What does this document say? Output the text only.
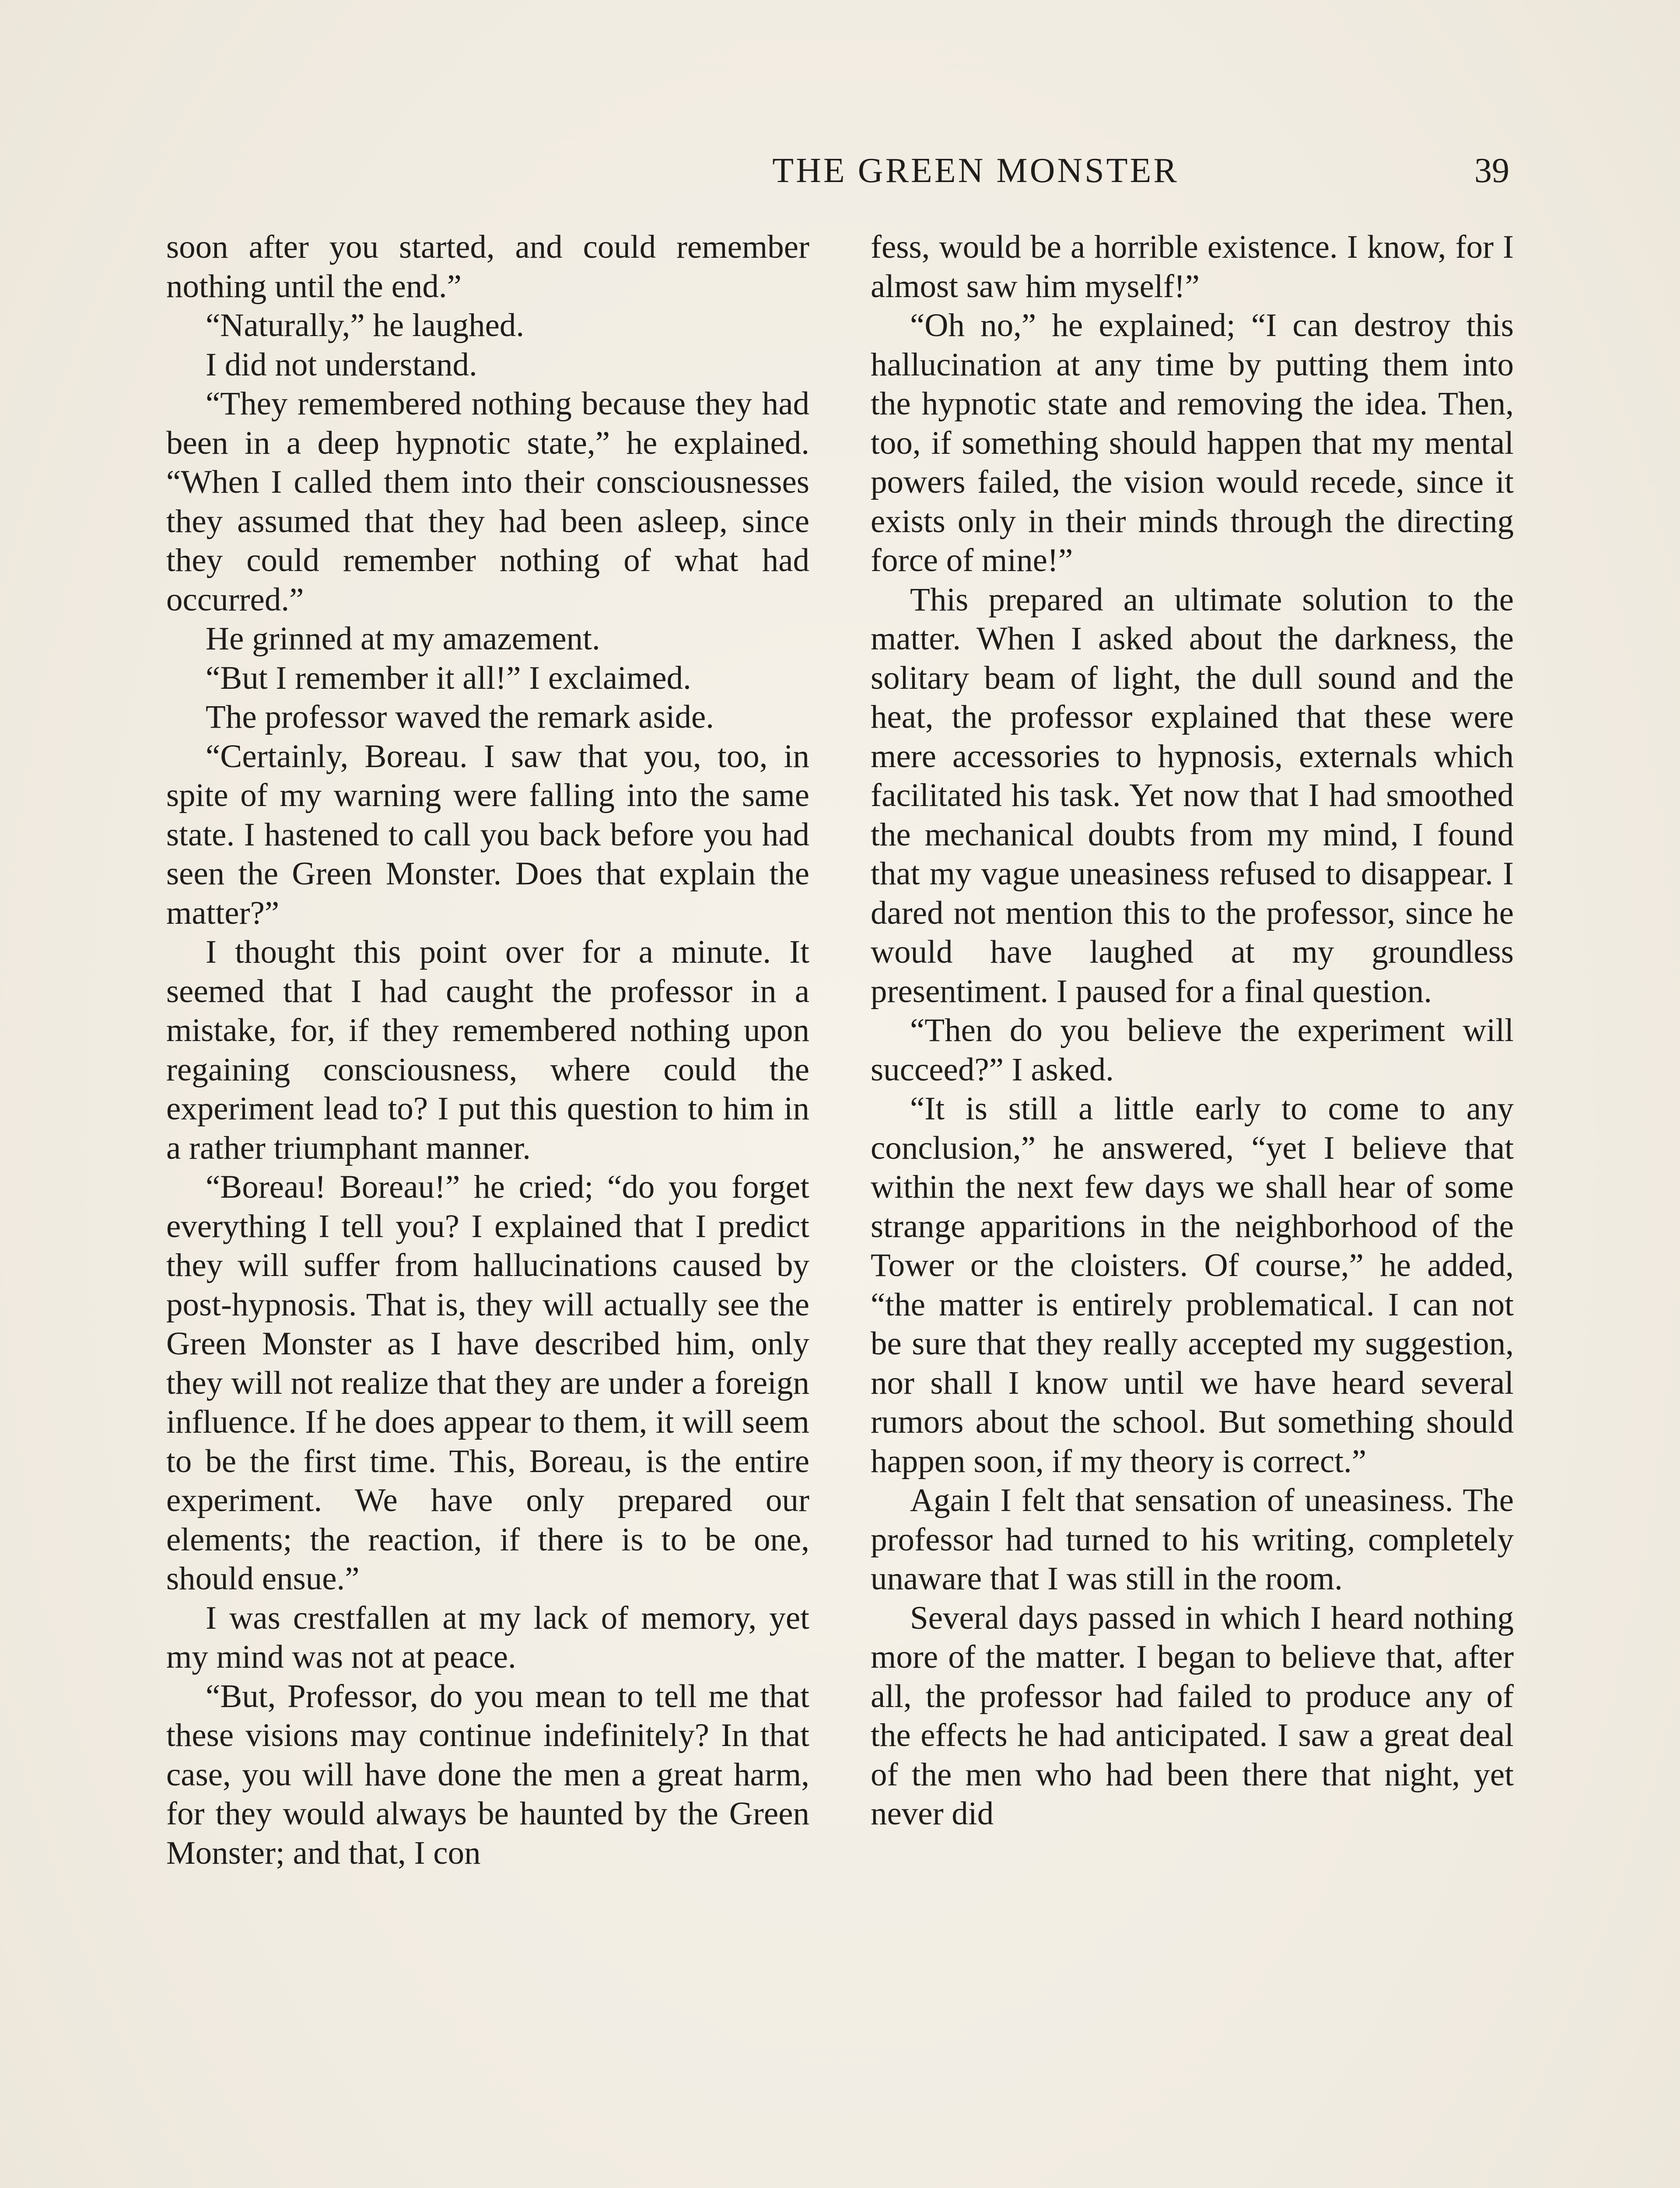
THE GREEN MONSTER	39

soon after you started, and could remember nothing until the end.”

“Naturally,” he laughed.

I did not understand.

“They remembered nothing because they had been in a deep hypnotic state,” he explained. “When I called them into their consciousnesses they assumed that they had been asleep, since they could remember nothing of what had occurred.”

He grinned at my amazement.

“But I remember it all!” I exclaimed.

The professor waved the remark aside.

“Certainly, Boreau. I saw that you, too, in spite of my warning were falling into the same state. I hastened to call you back before you had seen the Green Monster. Does that explain the matter?”

I thought this point over for a minute. It seemed that I had caught the professor in a mistake, for, if they remembered nothing upon regaining consciousness, where could the experiment lead to? I put this question to him in a rather triumphant manner.

“Boreau! Boreau!” he cried; “do you forget everything I tell you? I explained that I predict they will suffer from hallucinations caused by post-hypnosis. That is, they will actually see the Green Monster as I have described him, only they will not realize that they are under a foreign influence. If he does appear to them, it will seem to be the first time. This, Boreau, is the entire experiment. We have only prepared our elements; the reaction, if there is to be one, should ensue.”

I was crestfallen at my lack of memory, yet my mind was not at peace.

“But, Professor, do you mean to tell me that these visions may continue indefinitely? In that case, you will have done the men a great harm, for they would always be haunted by the Green Monster; and that, I con

fess, would be a horrible existence. I know, for I almost saw him myself!”

“Oh no,” he explained; “I can destroy this hallucination at any time by putting them into the hypnotic state and removing the idea. Then, too, if something should happen that my mental powers failed, the vision would recede, since it exists only in their minds through the directing force of mine!”

This prepared an ultimate solution to the matter. When I asked about the darkness, the solitary beam of light, the dull sound and the heat, the professor explained that these were mere accessories to hypnosis, externals which facilitated his task. Yet now that I had smoothed the mechanical doubts from my mind, I found that my vague uneasiness refused to disappear. I dared not mention this to the professor, since he would have laughed at my groundless presentiment. I paused for a final question.

“Then do you believe the experiment will succeed?” I asked.

“It is still a little early to come to any conclusion,” he answered, “yet I believe that within the next few days we shall hear of some strange apparitions in the neighborhood of the Tower or the cloisters. Of course,” he added, “the matter is entirely problematical. I can not be sure that they really accepted my suggestion, nor shall I know until we have heard several rumors about the school. But something should happen soon, if my theory is correct.”

Again I felt that sensation of uneasiness. The professor had turned to his writing, completely unaware that I was still in the room.

Several days passed in which I heard nothing more of the matter. I began to believe that, after all, the professor had failed to produce any of the effects he had anticipated. I saw a great deal of the men who had been there that night, yet never did
